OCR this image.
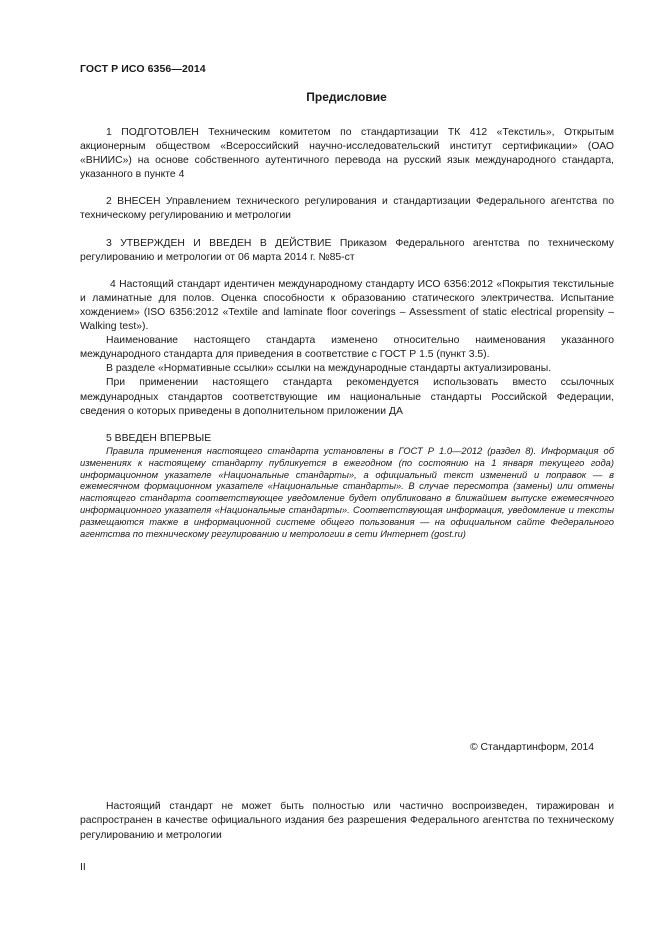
ГОСТ Р ИСО 6356—2014
Предисловие

1 ПОДГОТОВЛЕН Техническим комитетом по стандартизации ТК 412 «Текстиль», Открытым акционерным обществом «Всероссийский научно-исследовательский институт сертификации» (ОАО «ВНИИС») на основе собственного аутентичного перевода на русский язык международного стандарта, указанного в пункте 4

2 ВНЕСЕН Управлением технического регулирования и стандартизации Федерального агентства по техническому регулированию и метрологии

3 УТВЕРЖДЕН И ВВЕДЕН В ДЕЙСТВИЕ Приказом Федерального агентства по техническому регулированию и метрологии от 06 марта 2014 г. №85-ст

4 Настоящий стандарт идентичен международному стандарту ИСО 6356:2012 «Покрытия текстильные и ламинатные для полов. Оценка способности к образованию статического электричества. Испытание хождением» (ISO 6356:2012 «Textile and laminate floor coverings – Assessment of static electrical propensity – Walking test»).

Наименование настоящего стандарта изменено относительно наименования указанного международного стандарта для приведения в соответствие с ГОСТ Р 1.5 (пункт 3.5).

В разделе «Нормативные ссылки» ссылки на международные стандарты актуализированы.

При применении настоящего стандарта рекомендуется использовать вместо ссылочных международных стандартов соответствующие им национальные стандарты Российской Федерации, сведения о которых приведены в дополнительном приложении ДА

5 ВВЕДЕН ВПЕРВЫЕ

Правила применения настоящего стандарта установлены в ГОСТ Р 1.0—2012 (раздел 8). Информация об изменениях к настоящему стандарту публикуется в ежегодном (по состоянию на 1 января текущего года) информационном указателе «Национальные стандарты», а официальный текст изменений и поправок — в ежемесячном формационном указателе «Национальные стандарты». В случае пересмотра (замены) или отмены настоящего стандарта соответствующее уведомление будет опубликовано в ближайшем выпуске ежемесячного информационного указателя «Национальные стандарты». Соответствующая информация, уведомление и тексты размещаются также в информационной системе общего пользования — на официальном сайте Федерального агентства по техническому регулированию и метрологии в сети Интернет (gost.ru)

© Стандартинформ, 2014

Настоящий стандарт не может быть полностью или частично воспроизведен, тиражирован и распространен в качестве официального издания без разрешения Федерального агентства по техническому регулированию и метрологии

II
